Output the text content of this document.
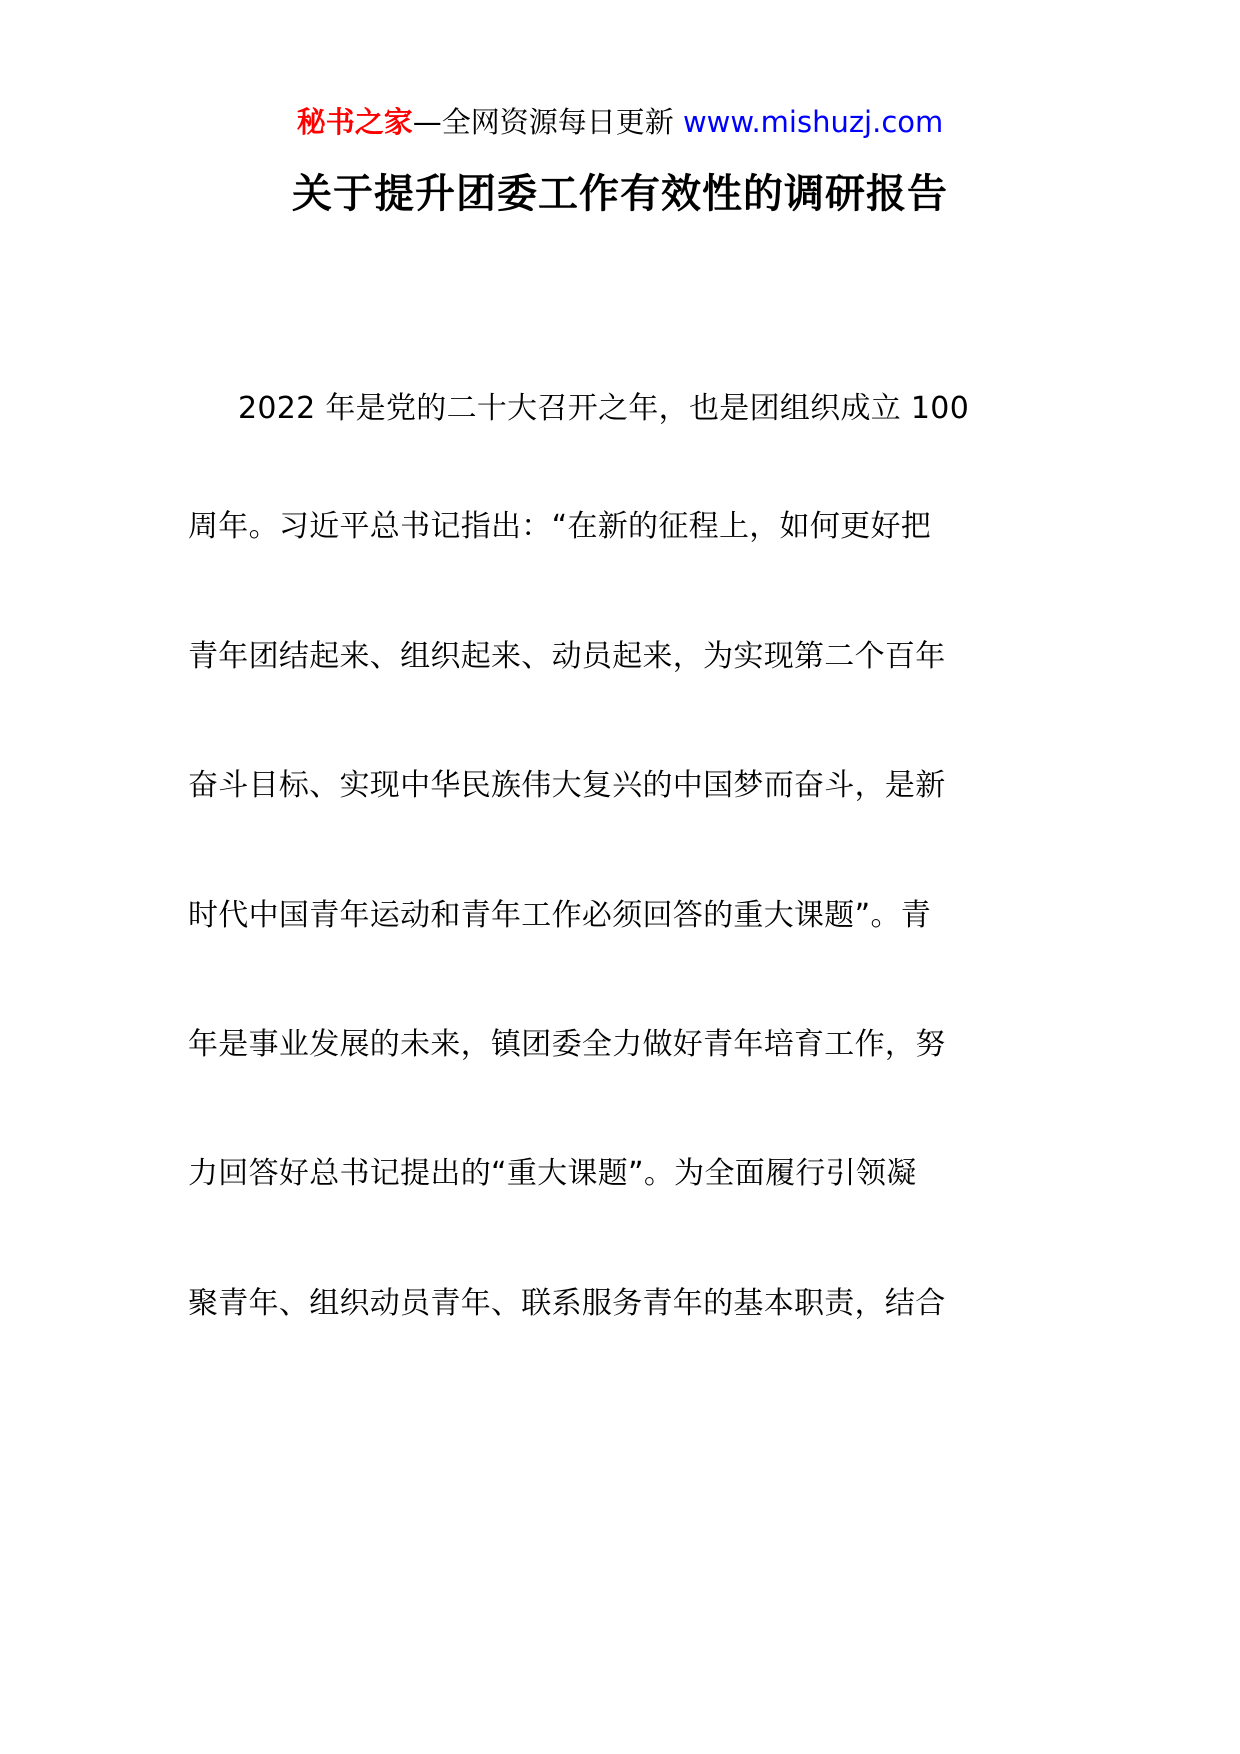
秘书之家—全网资源每日更新 www.mishuzj.com
关于提升团委工作有效性的调研报告

2022 年是党的二十大召开之年，也是团组织成立 100

周年。习近平总书记指出：“在新的征程上，如何更好把

青年团结起来、组织起来、动员起来，为实现第二个百年

奋斗目标、实现中华民族伟大复兴的中国梦而奋斗，是新

时代中国青年运动和青年工作必须回答的重大课题”。青

年是事业发展的未来，镇团委全力做好青年培育工作，努

力回答好总书记提出的“重大课题”。为全面履行引领凝

聚青年、组织动员青年、联系服务青年的基本职责，结合
